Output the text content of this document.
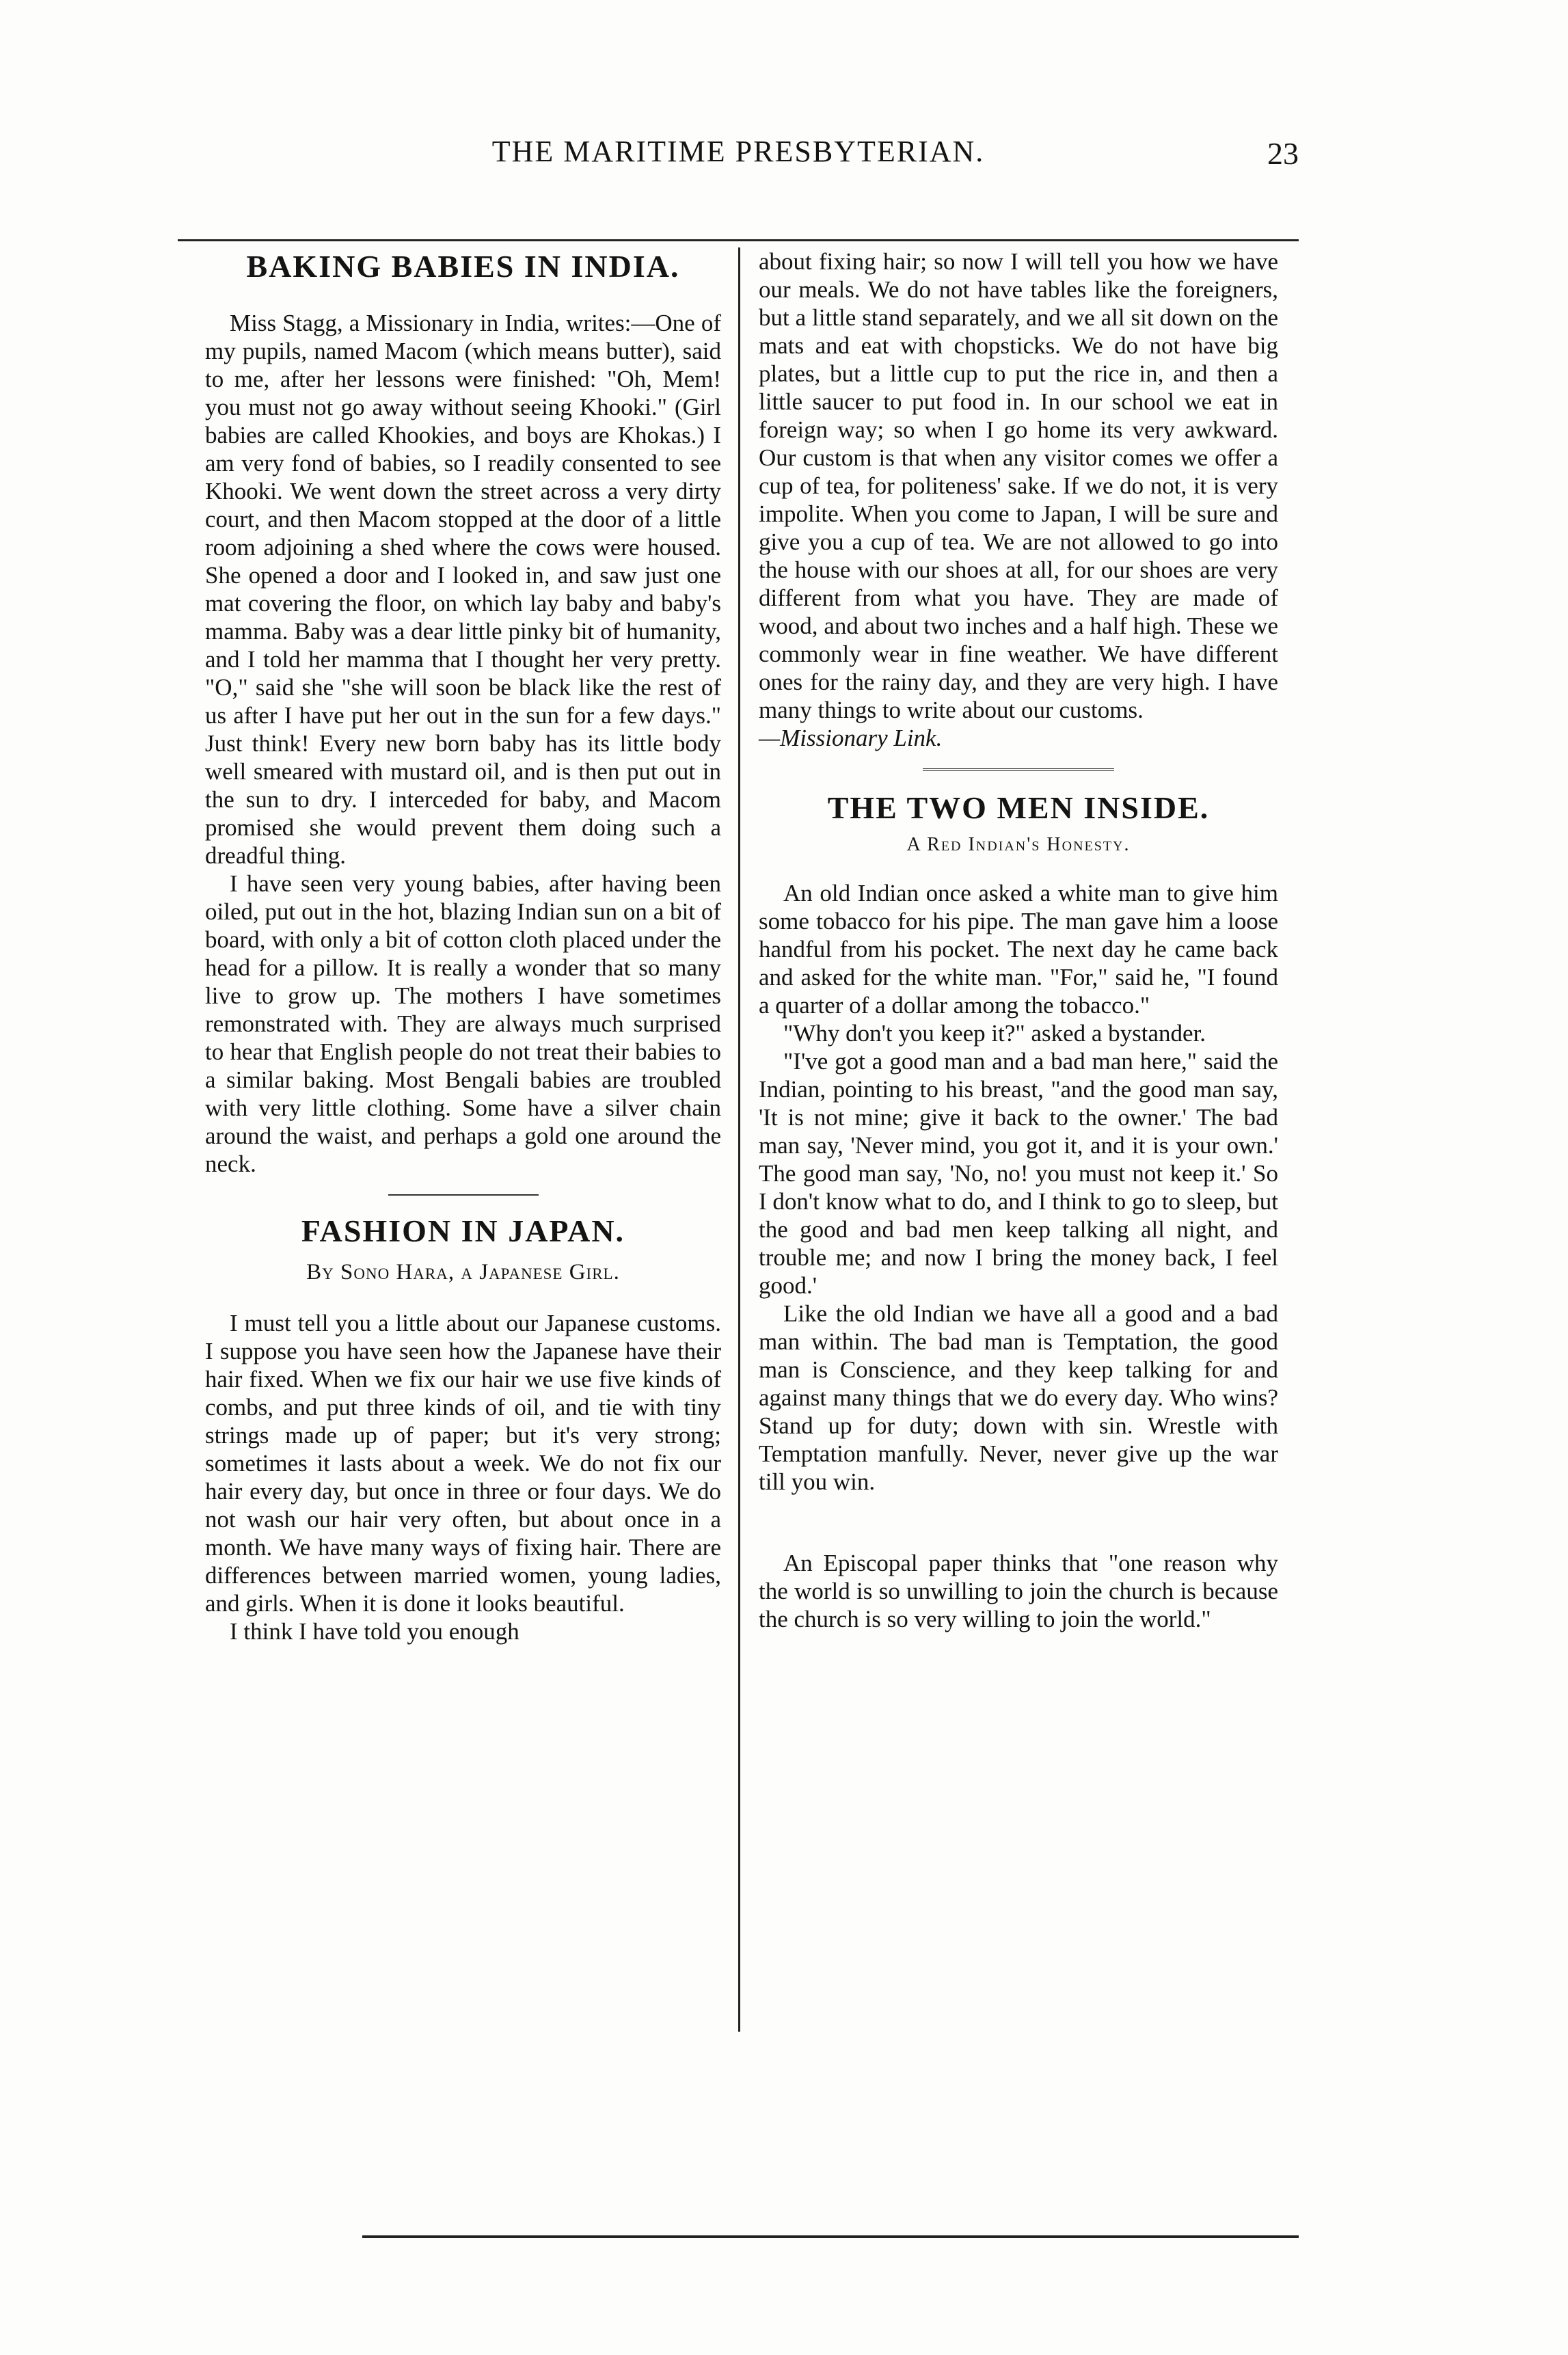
THE MARITIME PRESBYTERIAN.	23
BAKING BABIES IN INDIA.

Miss Stagg, a Missionary in India, writes:—One of my pupils, named Macom (which means butter), said to me, after her lessons were finished: "Oh, Mem! you must not go away without seeing Khooki." (Girl babies are called Khookies, and boys are Khokas.) I am very fond of babies, so I readily consented to see Khooki. We went down the street across a very dirty court, and then Macom stopped at the door of a little room adjoining a shed where the cows were housed. She opened a door and I looked in, and saw just one mat covering the floor, on which lay baby and baby's mamma. Baby was a dear little pinky bit of humanity, and I told her mamma that I thought her very pretty. "O," said she "she will soon be black like the rest of us after I have put her out in the sun for a few days." Just think! Every new born baby has its little body well smeared with mustard oil, and is then put out in the sun to dry. I interceded for baby, and Macom promised she would prevent them doing such a dreadful thing.

I have seen very young babies, after having been oiled, put out in the hot, blazing Indian sun on a bit of board, with only a bit of cotton cloth placed under the head for a pillow. It is really a wonder that so many live to grow up. The mothers I have sometimes remonstrated with. They are always much surprised to hear that English people do not treat their babies to a similar baking. Most Bengali babies are troubled with very little clothing. Some have a silver chain around the waist, and perhaps a gold one around the neck.

FASHION IN JAPAN.
By Sono Hara, a Japanese Girl.

I must tell you a little about our Japanese customs. I suppose you have seen how the Japanese have their hair fixed. When we fix our hair we use five kinds of combs, and put three kinds of oil, and tie with tiny strings made up of paper; but it's very strong; sometimes it lasts about a week. We do not fix our hair every day, but once in three or four days. We do not wash our hair very often, but about once in a month. We have many ways of fixing hair. There are differences between married women, young ladies, and girls. When it is done it looks beautiful.

I think I have told you enough

about fixing hair; so now I will tell you how we have our meals. We do not have tables like the foreigners, but a little stand separately, and we all sit down on the mats and eat with chopsticks. We do not have big plates, but a little cup to put the rice in, and then a little saucer to put food in. In our school we eat in foreign way; so when I go home its very awkward. Our custom is that when any visitor comes we offer a cup of tea, for politeness' sake. If we do not, it is very impolite. When you come to Japan, I will be sure and give you a cup of tea. We are not allowed to go into the house with our shoes at all, for our shoes are very different from what you have. They are made of wood, and about two inches and a half high. These we commonly wear in fine weather. We have different ones for the rainy day, and they are very high. I have many things to write about our customs.

—Missionary Link.

THE TWO MEN INSIDE.
A Red Indian's Honesty.

An old Indian once asked a white man to give him some tobacco for his pipe. The man gave him a loose handful from his pocket. The next day he came back and asked for the white man. "For," said he, "I found a quarter of a dollar among the tobacco."

"Why don't you keep it?" asked a bystander.

"I've got a good man and a bad man here," said the Indian, pointing to his breast, "and the good man say, 'It is not mine; give it back to the owner.' The bad man say, 'Never mind, you got it, and it is your own.' The good man say, 'No, no! you must not keep it.' So I don't know what to do, and I think to go to sleep, but the good and bad men keep talking all night, and trouble me; and now I bring the money back, I feel good.'

Like the old Indian we have all a good and a bad man within. The bad man is Temptation, the good man is Conscience, and they keep talking for and against many things that we do every day. Who wins? Stand up for duty; down with sin. Wrestle with Temptation manfully. Never, never give up the war till you win.

An Episcopal paper thinks that "one reason why the world is so unwilling to join the church is because the church is so very willing to join the world."
